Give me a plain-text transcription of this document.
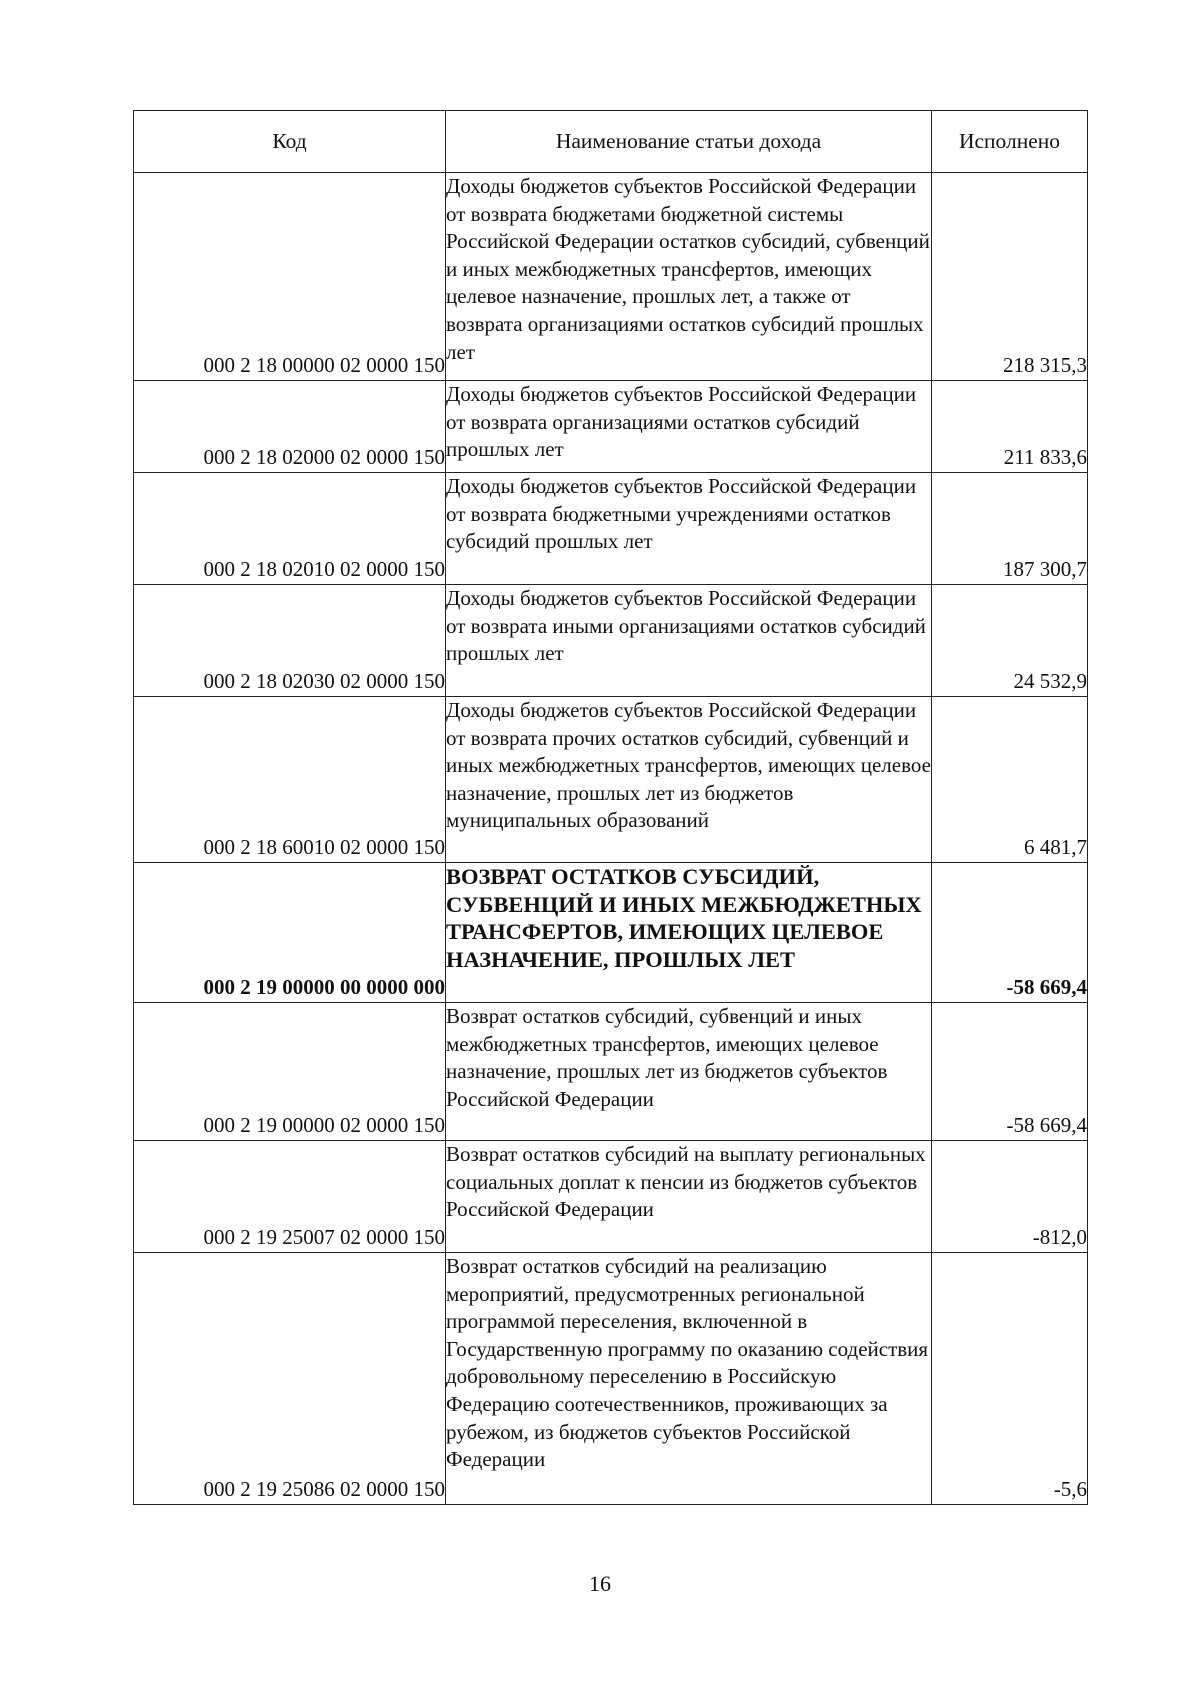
Код	Наименование статьи дохода	Исполнено
000 2 18 00000 02 0000 150	Доходы бюджетов субъектов Российской Федерации от возврата бюджетами бюджетной системы Российской Федерации остатков субсидий, субвенций и иных межбюджетных трансфертов, имеющих целевое назначение, прошлых лет, а также от возврата организациями остатков субсидий прошлых лет	218 315,3
000 2 18 02000 02 0000 150	Доходы бюджетов субъектов Российской Федерации от возврата организациями остатков субсидий прошлых лет	211 833,6
000 2 18 02010 02 0000 150	Доходы бюджетов субъектов Российской Федерации от возврата бюджетными учреждениями остатков субсидий прошлых лет	187 300,7
000 2 18 02030 02 0000 150	Доходы бюджетов субъектов Российской Федерации от возврата иными организациями остатков субсидий прошлых лет	24 532,9
000 2 18 60010 02 0000 150	Доходы бюджетов субъектов Российской Федерации от возврата прочих остатков субсидий, субвенций и иных межбюджетных трансфертов, имеющих целевое назначение, прошлых лет из бюджетов муниципальных образований	6 481,7
000 2 19 00000 00 0000 000	ВОЗВРАТ ОСТАТКОВ СУБСИДИЙ, СУБВЕНЦИЙ И ИНЫХ МЕЖБЮДЖЕТНЫХ ТРАНСФЕРТОВ, ИМЕЮЩИХ ЦЕЛЕВОЕ НАЗНАЧЕНИЕ, ПРОШЛЫХ ЛЕТ	-58 669,4
000 2 19 00000 02 0000 150	Возврат остатков субсидий, субвенций и иных межбюджетных трансфертов, имеющих целевое назначение, прошлых лет из бюджетов субъектов Российской Федерации	-58 669,4
000 2 19 25007 02 0000 150	Возврат остатков субсидий на выплату региональных социальных доплат к пенсии из бюджетов субъектов Российской Федерации	-812,0
000 2 19 25086 02 0000 150	Возврат остатков субсидий на реализацию мероприятий, предусмотренных региональной программой переселения, включенной в Государственную программу по оказанию содействия добровольному переселению в Российскую Федерацию соотечественников, проживающих за рубежом, из бюджетов субъектов Российской Федерации	-5,6
16
